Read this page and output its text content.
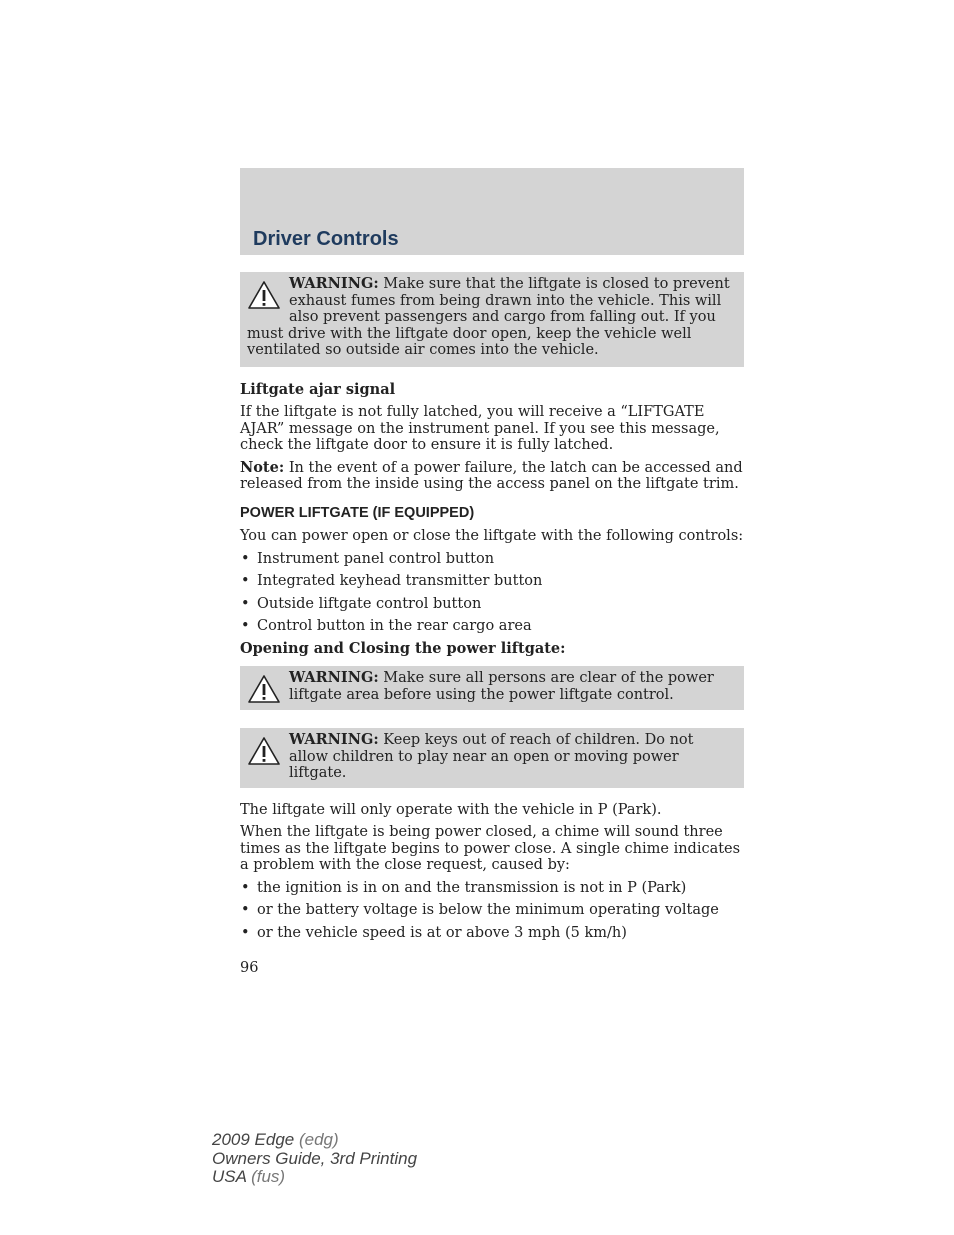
Driver Controls
WARNING: Make sure that the liftgate is closed to prevent exhaust fumes from being drawn into the vehicle. This will also prevent passengers and cargo from falling out. If you must drive with the liftgate door open, keep the vehicle well ventilated so outside air comes into the vehicle.

Liftgate ajar signal

If the liftgate is not fully latched, you will receive a “LIFTGATE AJAR” message on the instrument panel. If you see this message, check the liftgate door to ensure it is fully latched.

Note: In the event of a power failure, the latch can be accessed and released from the inside using the access panel on the liftgate trim.

POWER LIFTGATE (IF EQUIPPED)

You can power open or close the liftgate with the following controls:

• Instrument panel control button
• Integrated keyhead transmitter button
• Outside liftgate control button
• Control button in the rear cargo area

Opening and Closing the power liftgate:

WARNING: Make sure all persons are clear of the power liftgate area before using the power liftgate control.
WARNING: Keep keys out of reach of children. Do not allow children to play near an open or moving power liftgate.

The liftgate will only operate with the vehicle in P (Park).

When the liftgate is being power closed, a chime will sound three times as the liftgate begins to power close. A single chime indicates a problem with the close request, caused by:

• the ignition is in on and the transmission is not in P (Park)
• or the battery voltage is below the minimum operating voltage
• or the vehicle speed is at or above 3 mph (5 km/h)
96
2009 Edge (edg)
Owners Guide, 3rd Printing
USA (fus)
